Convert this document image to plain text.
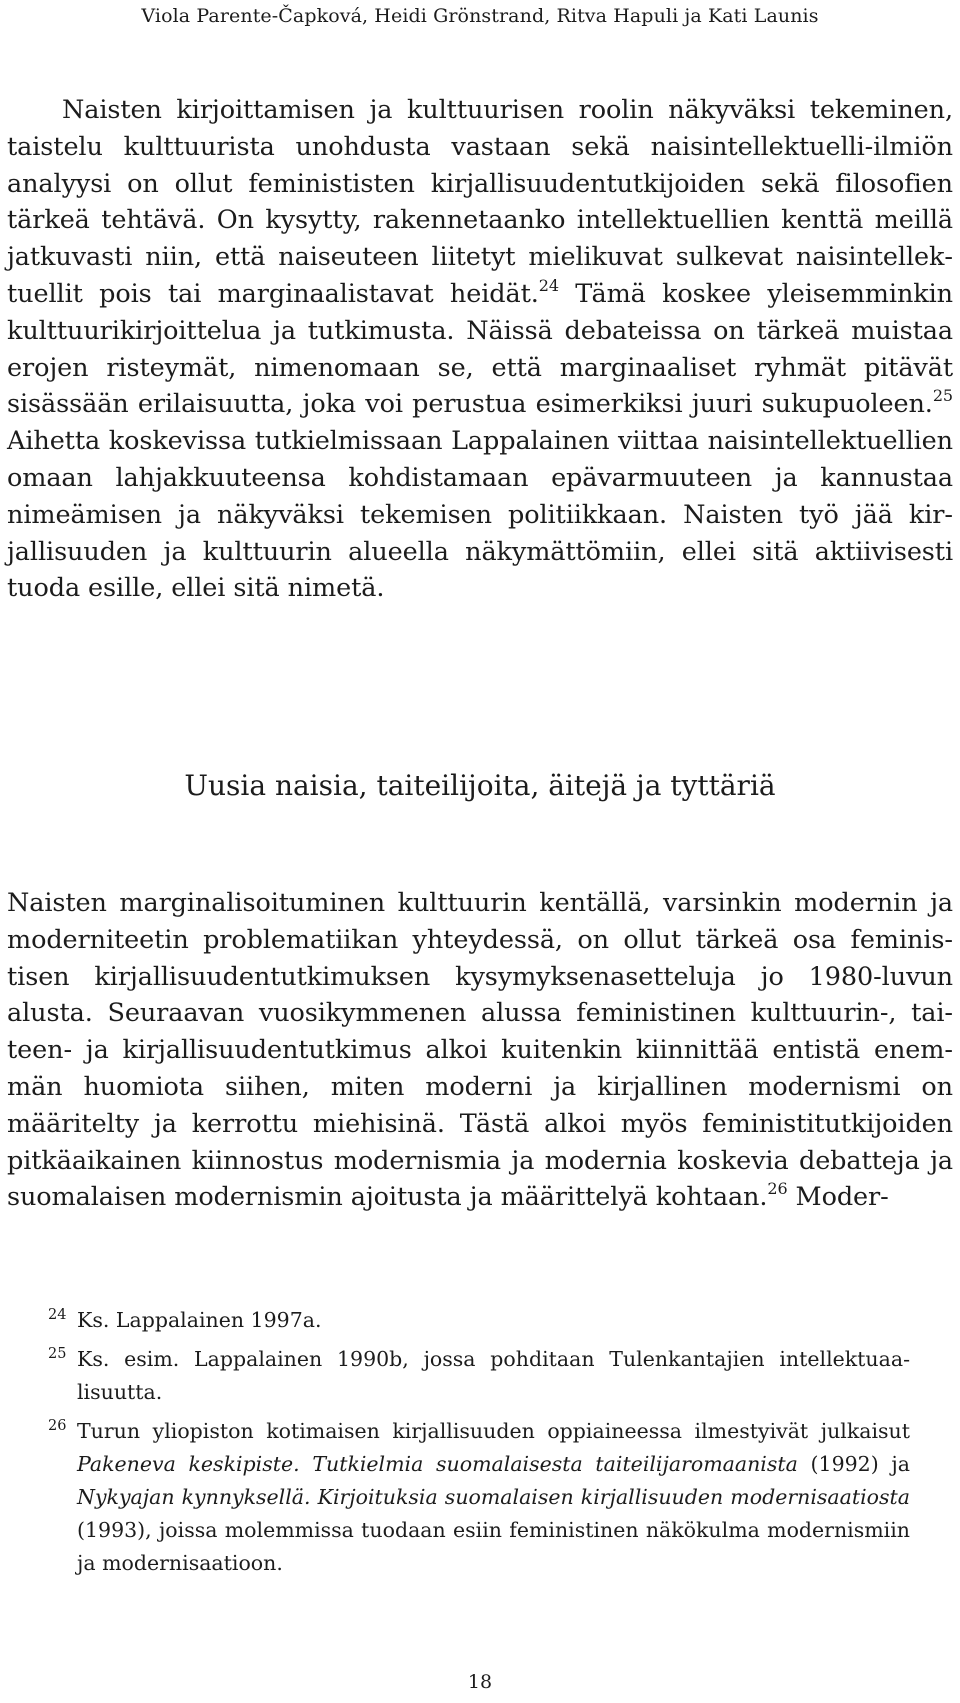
Viola Parente-Čapková, Heidi Grönstrand, Ritva Hapuli ja Kati Launis

Naisten kirjoittamisen ja kulttuurisen roolin näkyväksi tekeminen, taistelu kulttuurista unohdusta vastaan sekä naisintellektuelli-ilmiön analyysi on ollut feminististen kirjallisuudentutkijoiden sekä filosofien tärkeä tehtävä. On kysytty, rakennetaanko intellektuellien kenttä meillä jatkuvasti niin, että naiseuteen liitetyt mielikuvat sulkevat naisintellektuellit pois tai marginaalistavat heidät.$^{24}$ Tämä koskee yleisemminkin kulttuurikirjoittelua ja tutkimusta. Näissä debateissa on tärkeä muistaa erojen risteymät, nimenomaan se, että marginaaliset ryhmät pitävät sisässään erilaisuutta, joka voi perustua esimerkiksi juuri sukupuoleen.$^{25}$ Aihetta koskevissa tutkielmissaan Lappalainen viittaa naisintellektuellien omaan lahjakkuuteensa kohdistamaan epävarmuuteen ja kannustaa nimeämisen ja näkyväksi tekemisen politiikkaan. Naisten työ jää kirjallisuuden ja kulttuurin alueella näkymättömiin, ellei sitä aktiivisesti tuoda esille, ellei sitä nimetä.

Uusia naisia, taiteilijoita, äitejä ja tyttäriä

Naisten marginalisoituminen kulttuurin kentällä, varsinkin modernin ja moderniteetin problematiikan yhteydessä, on ollut tärkeä osa feministisen kirjallisuudentutkimuksen kysymyksenasetteluja jo 1980-luvun alusta. Seuraavan vuosikymmenen alussa feministinen kulttuurin-, taiteen- ja kirjallisuudentutkimus alkoi kuitenkin kiinnittää entistä enemmän huomiota siihen, miten moderni ja kirjallinen modernismi on määritelty ja kerrottu miehisinä. Tästä alkoi myös feministitutkijoiden pitkäaikainen kiinnostus modernismia ja modernia koskevia debatteja ja suomalaisen modernismin ajoitusta ja määrittelyä kohtaan.$^{26}$ Moder-

24 Ks. Lappalainen 1997a.

25 Ks. esim. Lappalainen 1990b, jossa pohditaan Tulenkantajien intellektuaalisuutta.

26 Turun yliopiston kotimaisen kirjallisuuden oppiaineessa ilmestyivät julkaisut Pakeneva keskipiste. Tutkielmia suomalaisesta taiteilijaromaanista (1992) ja Nykyajan kynnyksellä. Kirjoituksia suomalaisen kirjallisuuden modernisaatiosta (1993), joissa molemmissa tuodaan esiin feministinen näkökulma modernismiin ja modernisaatioon.

18
